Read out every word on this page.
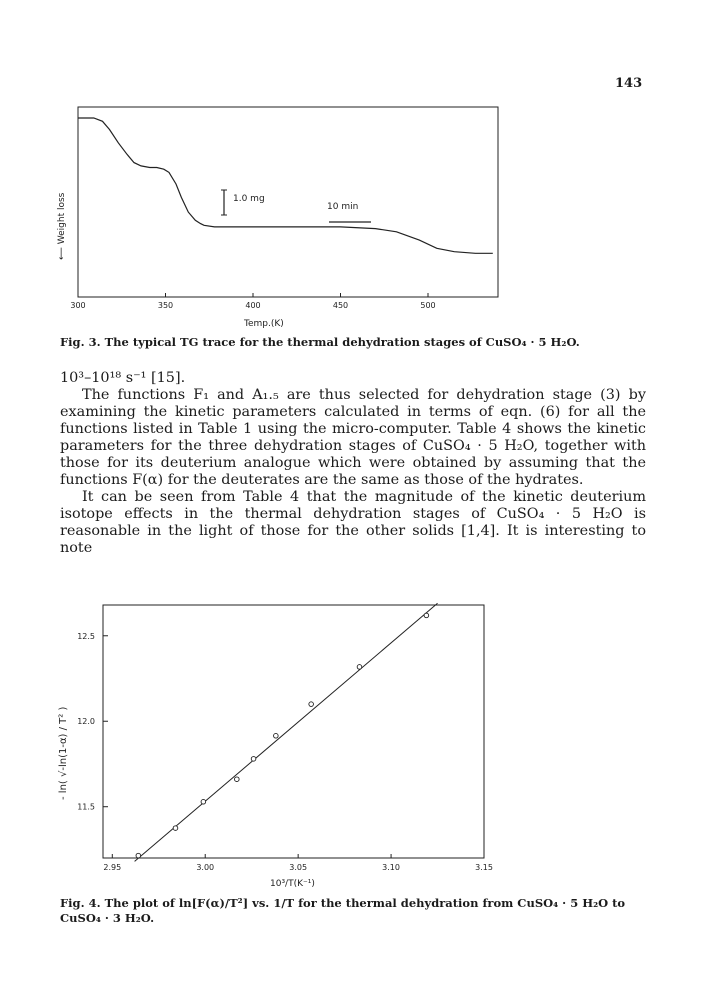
143
300	350	400	450	500
⟵ Weight loss	1.0 mg
10 min
Temp.(K)
2.95	3.00	3.05	3.10	3.15
11.5
12.0
12.5
10³/T(K⁻¹)
- ln( √-ln(1-α) / T² )
Fig. 3. The typical TG trace for the thermal dehydration stages of CuSO₄ · 5 H₂O.

10³–10¹⁸ s⁻¹ [15].

The functions F₁ and A₁.₅ are thus selected for dehydration stage (3) by examining the kinetic parameters calculated in terms of eqn. (6) for all the functions listed in Table 1 using the micro-computer. Table 4 shows the kinetic parameters for the three dehydration stages of CuSO₄ · 5 H₂O, together with those for its deuterium analogue which were obtained by assuming that the functions F(α) for the deuterates are the same as those of the hydrates.

It can be seen from Table 4 that the magnitude of the kinetic deuterium isotope effects in the thermal dehydration stages of CuSO₄ · 5 H₂O is reasonable in the light of those for the other solids [1,4]. It is interesting to note

Fig. 4. The plot of ln[F(α)/T²] vs. 1/T for the thermal dehydration from CuSO₄ · 5 H₂O to CuSO₄ · 3 H₂O.
